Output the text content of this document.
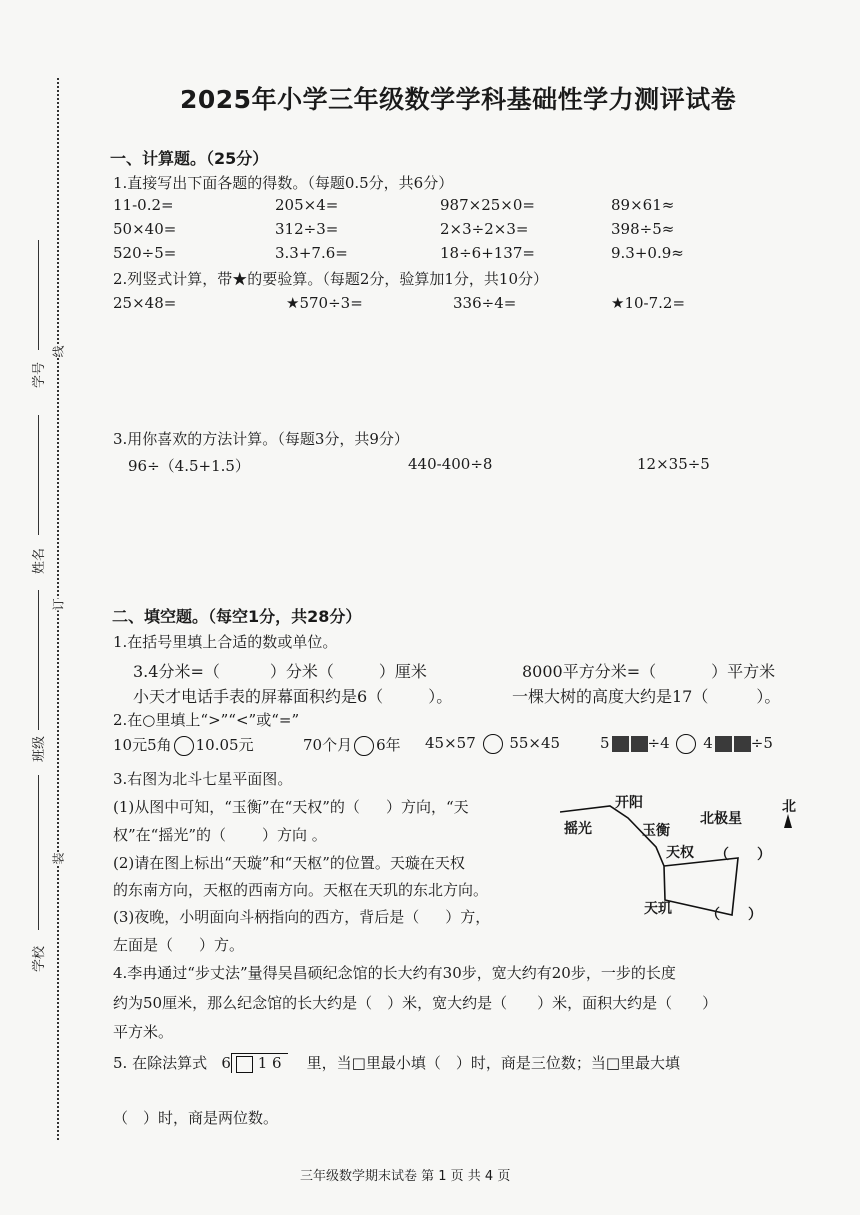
学号
姓名
班级
学校
线
订
装
2025年小学三年级数学学科基础性学力测评试卷
一、计算题。（25分）
1.直接写出下面各题的得数。（每题0.5分，共6分）
11-0.2=	205×4=	987×25×0=	89×61≈
50×40=	312÷3=	2×3÷2×3=	398÷5≈
520÷5=	3.3+7.6=	18÷6+137=	9.3+0.9≈
2.列竖式计算，带★的要验算。（每题2分，验算加1分，共10分）
25×48=	★570÷3=	336÷4=	★10-7.2=
3.用你喜欢的方法计算。（每题3分，共9分）
96÷（4.5+1.5）	440-400÷8	12×35÷5
二、填空题。（每空1分，共28分）
1.在括号里填上合适的数或单位。
3.4分米=（	）分米（	）厘米	8000平方分米=（	）平方米
小天才电话手表的屏幕面积约是6（	）。	一棵大树的高度大约是17（	）。
2.在○里填上“>”“<”或“=”
10元5角 10.05元	70个月 6年 45×57 55×45	5	÷4 4	÷5
3.右图为北斗七星平面图。
(1)从图中可知，“玉衡”在“天权”的（ ）方向，“天
权”在“摇光”的（ ）方向 。
(2)请在图上标出“天璇”和“天枢”的位置。天璇在天权
的东南方向，天枢的西南方向。天枢在天玑的东北方向。
(3)夜晚，小明面向斗柄指向的西方，背后是（ ）方，
左面是（ ）方。
开阳
摇光	玉衡
天权 （　　）
天玑 （　　）
北极星
北
4.李冉通过“步丈法”量得吴昌硕纪念馆的长大约有30步，宽大约有20步，一步的长度
约为50厘米，那么纪念馆的长大约是（　）米，宽大约是（　　）米，面积大约是（　　）
平方米。
5. 在除法算式 6 1 6 里，当□里最小填（　）时，商是三位数；当□里最大填
（　）时，商是两位数。
三年级数学期末试卷 第 1 页 共 4 页
